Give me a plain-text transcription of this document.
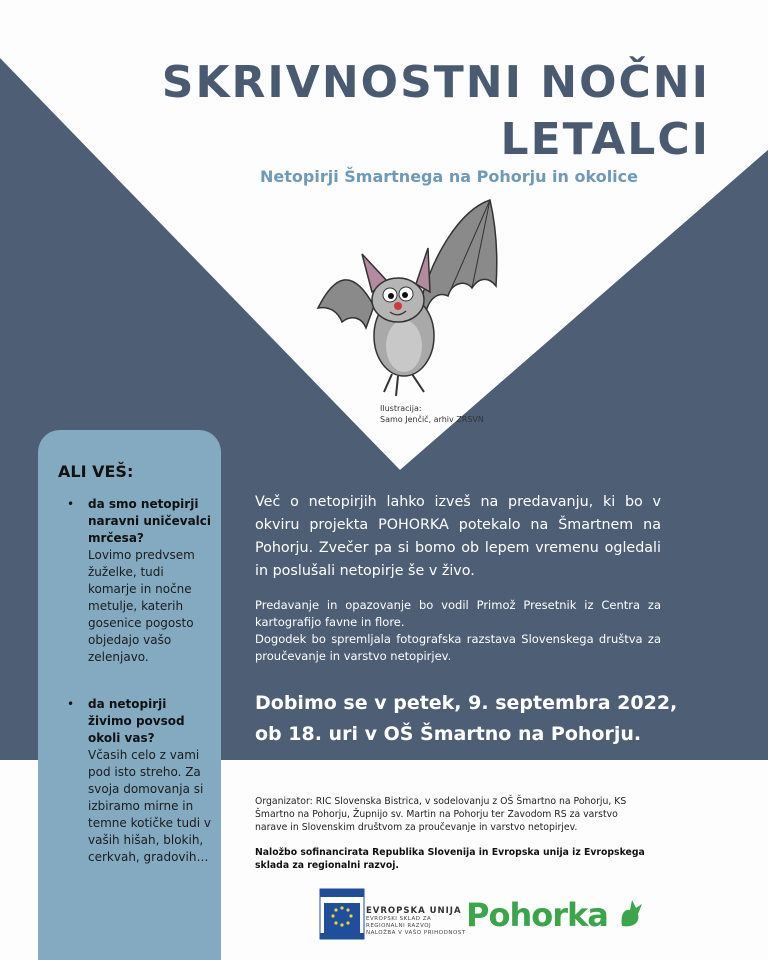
SKRIVNOSTNI NOČNI
LETALCI
Netopirji Šmartnega na Pohorju in okolice
Ilustracija:
Samo Jenčič, arhiv ZRSVN
ALI VEŠ:
• da smo netopirji naravni uničevalci mrčesa?
Lovimo predvsem žuželke, tudi komarje in nočne metulje, katerih gosenice pogosto objedajo vašo zelenjavo.
• da netopirji živimo povsod okoli vas?
Včasih celo z vami pod isto streho. Za svoja domovanja si izbiramo mirne in temne kotičke tudi v vaših hišah, blokih, cerkvah, gradovih…

Več o netopirjih lahko izveš na predavanju, ki bo v okviru projekta POHORKA potekalo na Šmartnem na Pohorju. Zvečer pa si bomo ob lepem vremenu ogledali in poslušali netopirje še v živo.

Predavanje in opazovanje bo vodil Primož Presetnik iz Centra za kartografijo favne in flore.
Dogodek bo spremljala fotografska razstava Slovenskega društva za proučevanje in varstvo netopirjev.

Dobimo se v petek, 9. septembra 2022,
ob 18. uri v OŠ Šmartno na Pohorju.

Organizator: RIC Slovenska Bistrica, v sodelovanju z OŠ Šmartno na Pohorju, KS Šmartno na Pohorju, Župnijo sv. Martin na Pohorju ter Zavodom RS za varstvo narave in Slovenskim društvom za proučevanje in varstvo netopirjev.

Naložbo sofinancirata Republika Slovenija in Evropska unija iz Evropskega sklada za regionalni razvoj.

EVROPSKA UNIJA
EVROPSKI SKLAD ZA
REGIONALNI RAZVOJ
NALOŽBA V VAŠO PRIHODNOST Pohorka
